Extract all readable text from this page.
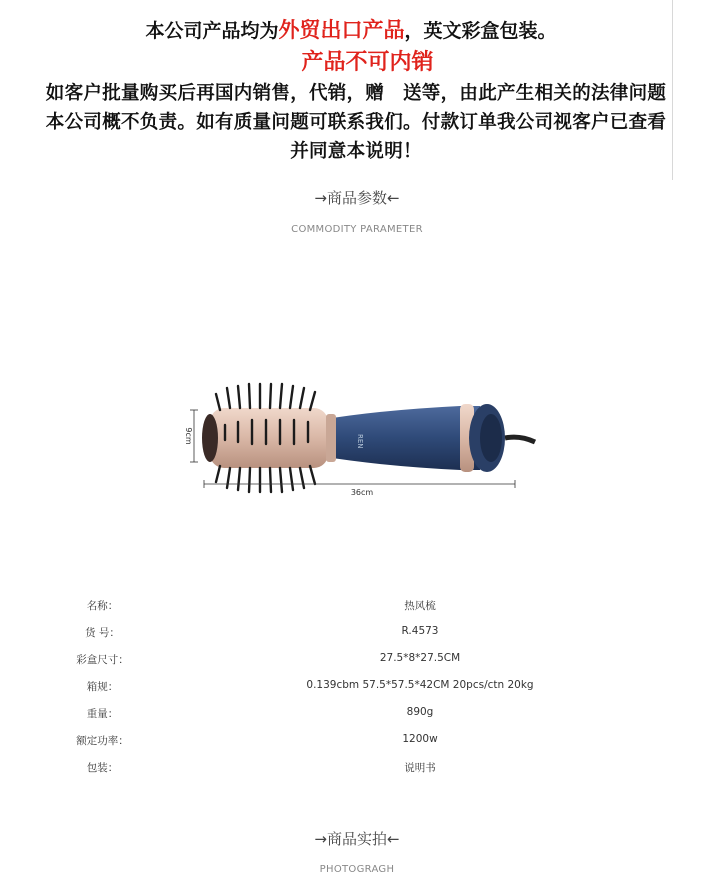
本公司产品均为外贸出口产品，英文彩盒包装。
产品不可内销
如客户批量购买后再国内销售，代销，赠　送等，由此产生相关的法律问题本公司概不负责。如有质量问题可联系我们。付款订单我公司视客户已查看并同意本说明！
→商品参数←
COMMODITY PARAMETER
REN
9cm
36cm
名称：	热风梳
货 号：	R.4573
彩盒尺寸：	27.5*8*27.5CM
箱规：	0.139cbm 57.5*57.5*42CM 20pcs/ctn 20kg
重量：	890g
额定功率：	1200w
包装：	说明书
→商品实拍←
PHOTOGRAGH
